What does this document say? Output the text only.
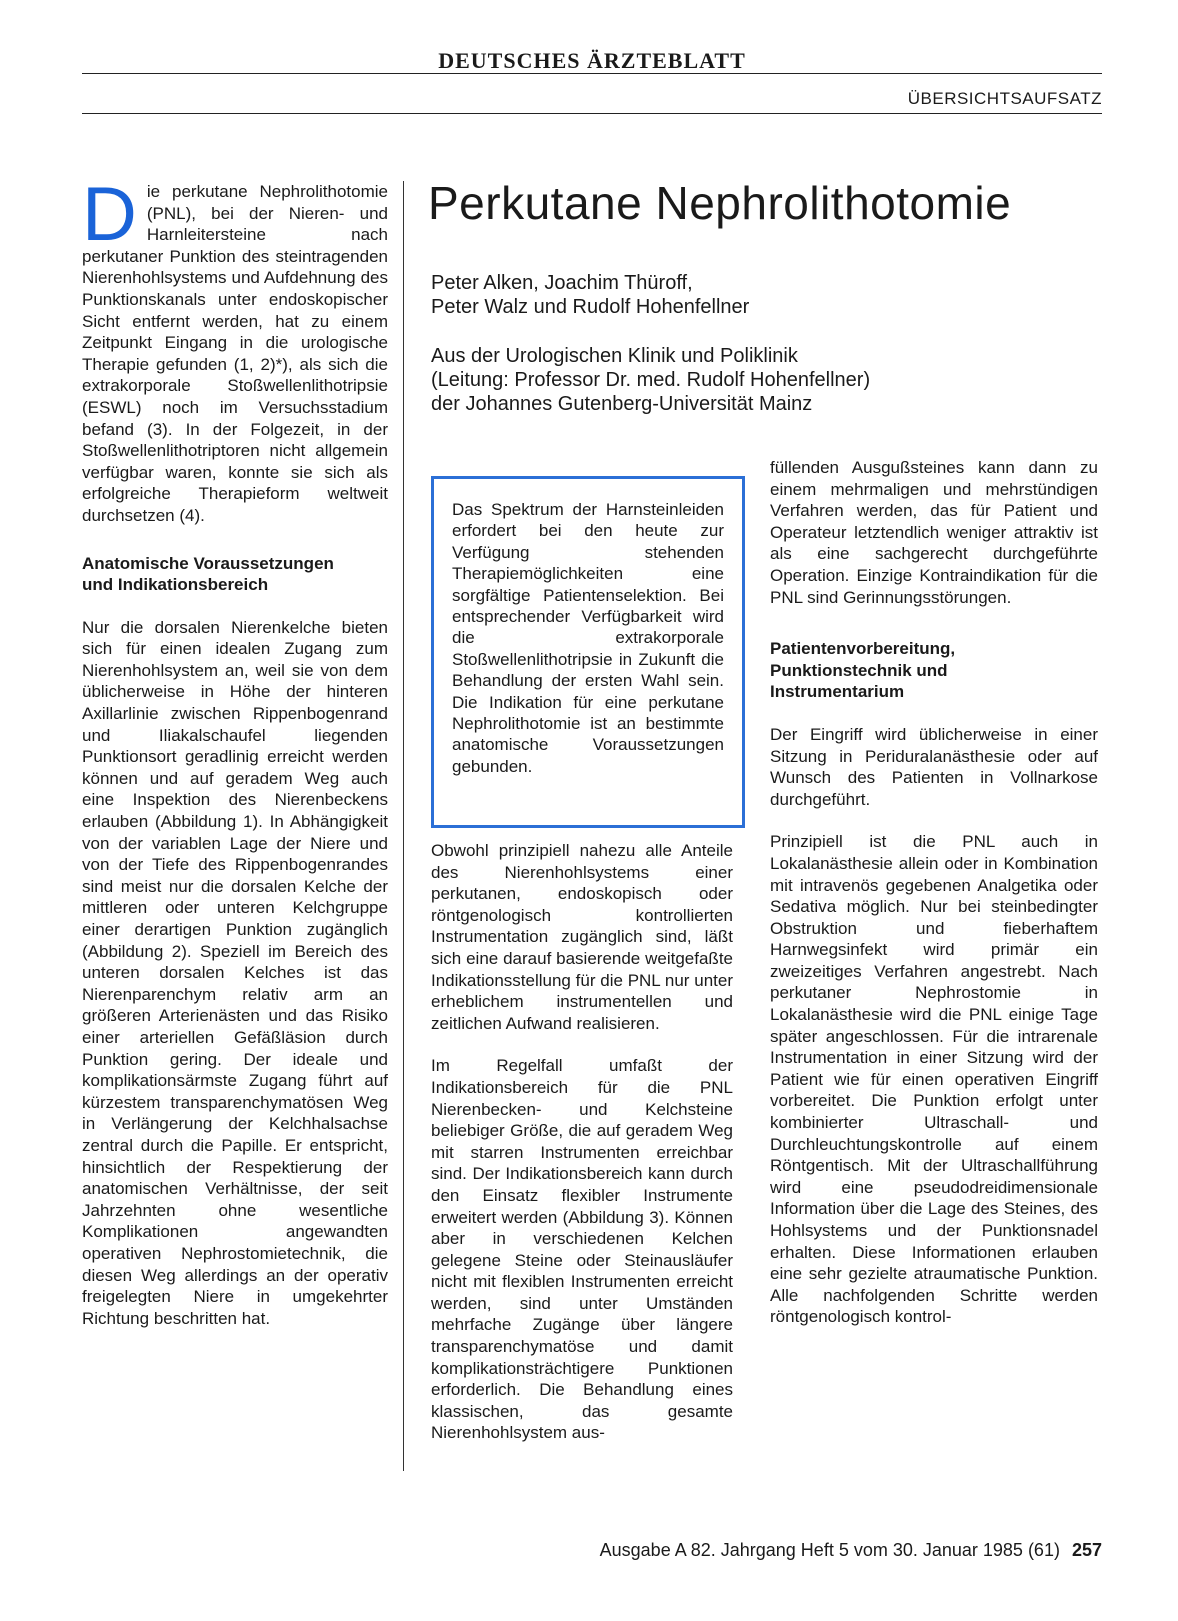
DEUTSCHES ÄRZTEBLATT
ÜBERSICHTSAUFSATZ

Die perkutane Nephrolithotomie (PNL), bei der Nieren- und Harnleitersteine nach perkutaner Punktion des steintragenden Nierenhohlsystems und Aufdehnung des Punktionskanals unter endoskopischer Sicht entfernt werden, hat zu einem Zeitpunkt Eingang in die urologische Therapie gefunden (1, 2)*), als sich die extrakorporale Stoßwellenlithotripsie (ESWL) noch im Versuchsstadium befand (3). In der Folgezeit, in der Stoßwellenlithotriptoren nicht allgemein verfügbar waren, konnte sie sich als erfolgreiche Therapieform weltweit durchsetzen (4).

Anatomische Voraussetzungen und Indikationsbereich

Nur die dorsalen Nierenkelche bieten sich für einen idealen Zugang zum Nierenhohlsystem an, weil sie von dem üblicherweise in Höhe der hinteren Axillarlinie zwischen Rippenbogenrand und Iliakalschaufel liegenden Punktionsort geradlinig erreicht werden können und auf geradem Weg auch eine Inspektion des Nierenbeckens erlauben (Abbildung 1). In Abhängigkeit von der variablen Lage der Niere und von der Tiefe des Rippenbogenrandes sind meist nur die dorsalen Kelche der mittleren oder unteren Kelchgruppe einer derartigen Punktion zugänglich (Abbildung 2). Speziell im Bereich des unteren dorsalen Kelches ist das Nierenparenchym relativ arm an größeren Arterienästen und das Risiko einer arteriellen Gefäßläsion durch Punktion gering. Der ideale und komplikationsärmste Zugang führt auf kürzestem transparenchymatösen Weg in Verlängerung der Kelchhalsachse zentral durch die Papille. Er entspricht, hinsichtlich der Respektierung der anatomischen Verhältnisse, der seit Jahrzehnten ohne wesentliche Komplikationen angewandten operativen Nephrostomietechnik, die diesen Weg allerdings an der operativ freigelegten Niere in umgekehrter Richtung beschritten hat.

Perkutane Nephrolithotomie
Peter Alken, Joachim Thüroff,
Peter Walz und Rudolf Hohenfellner
Aus der Urologischen Klinik und Poliklinik
(Leitung: Professor Dr. med. Rudolf Hohenfellner)
der Johannes Gutenberg-Universität Mainz
Das Spektrum der Harnsteinleiden erfordert bei den heute zur Verfügung stehenden Therapiemöglichkeiten eine sorgfältige Patientenselektion. Bei entsprechender Verfügbarkeit wird die extrakorporale Stoßwellenlithotripsie in Zukunft die Behandlung der ersten Wahl sein. Die Indikation für eine perkutane Nephrolithotomie ist an bestimmte anatomische Voraussetzungen gebunden.

Obwohl prinzipiell nahezu alle Anteile des Nierenhohlsystems einer perkutanen, endoskopisch oder röntgenologisch kontrollierten Instrumentation zugänglich sind, läßt sich eine darauf basierende weitgefaßte Indikationsstellung für die PNL nur unter erheblichem instrumentellen und zeitlichen Aufwand realisieren.

Im Regelfall umfaßt der Indikationsbereich für die PNL Nierenbecken- und Kelchsteine beliebiger Größe, die auf geradem Weg mit starren Instrumenten erreichbar sind. Der Indikationsbereich kann durch den Einsatz flexibler Instrumente erweitert werden (Abbildung 3). Können aber in verschiedenen Kelchen gelegene Steine oder Steinausläufer nicht mit flexiblen Instrumenten erreicht werden, sind unter Umständen mehrfache Zugänge über längere transparenchymatöse und damit komplikationsträchtigere Punktionen erforderlich. Die Behandlung eines klassischen, das gesamte Nierenhohlsystem aus-

füllenden Ausgußsteines kann dann zu einem mehrmaligen und mehrstündigen Verfahren werden, das für Patient und Operateur letztendlich weniger attraktiv ist als eine sachgerecht durchgeführte Operation. Einzige Kontraindikation für die PNL sind Gerinnungsstörungen.

Patientenvorbereitung, Punktionstechnik und Instrumentarium

Der Eingriff wird üblicherweise in einer Sitzung in Periduralanästhesie oder auf Wunsch des Patienten in Vollnarkose durchgeführt.

Prinzipiell ist die PNL auch in Lokalanästhesie allein oder in Kombination mit intravenös gegebenen Analgetika oder Sedativa möglich. Nur bei steinbedingter Obstruktion und fieberhaftem Harnwegsinfekt wird primär ein zweizeitiges Verfahren angestrebt. Nach perkutaner Nephrostomie in Lokalanästhesie wird die PNL einige Tage später angeschlossen. Für die intrarenale Instrumentation in einer Sitzung wird der Patient wie für einen operativen Eingriff vorbereitet. Die Punktion erfolgt unter kombinierter Ultraschall- und Durchleuchtungskontrolle auf einem Röntgentisch. Mit der Ultraschallführung wird eine pseudodreidimensionale Information über die Lage des Steines, des Hohlsystems und der Punktionsnadel erhalten. Diese Informationen erlauben eine sehr gezielte atraumatische Punktion. Alle nachfolgenden Schritte werden röntgenologisch kontrol-

Ausgabe A 82. Jahrgang Heft 5 vom 30. Januar 1985 (61) 257
